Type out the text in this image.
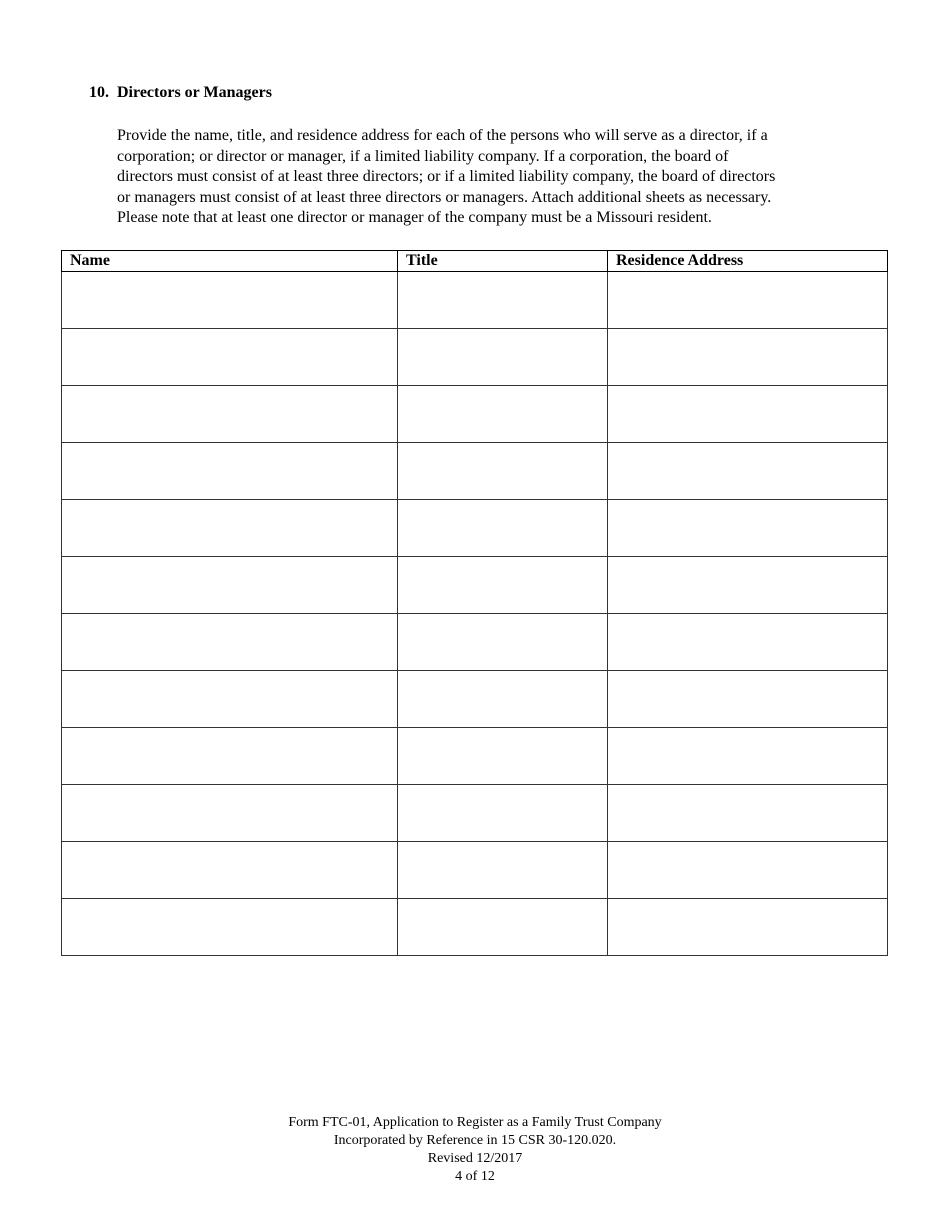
10. Directors or Managers

Provide the name, title, and residence address for each of the persons who will serve as a director, if a
corporation; or director or manager, if a limited liability company. If a corporation, the board of
directors must consist of at least three directors; or if a limited liability company, the board of directors
or managers must consist of at least three directors or managers. Attach additional sheets as necessary.
Please note that at least one director or manager of the company must be a Missouri resident.

Name	Title	Residence Address

Form FTC-01, Application to Register as a Family Trust Company
Incorporated by Reference in 15 CSR 30-120.020.
Revised 12/2017
4 of 12
